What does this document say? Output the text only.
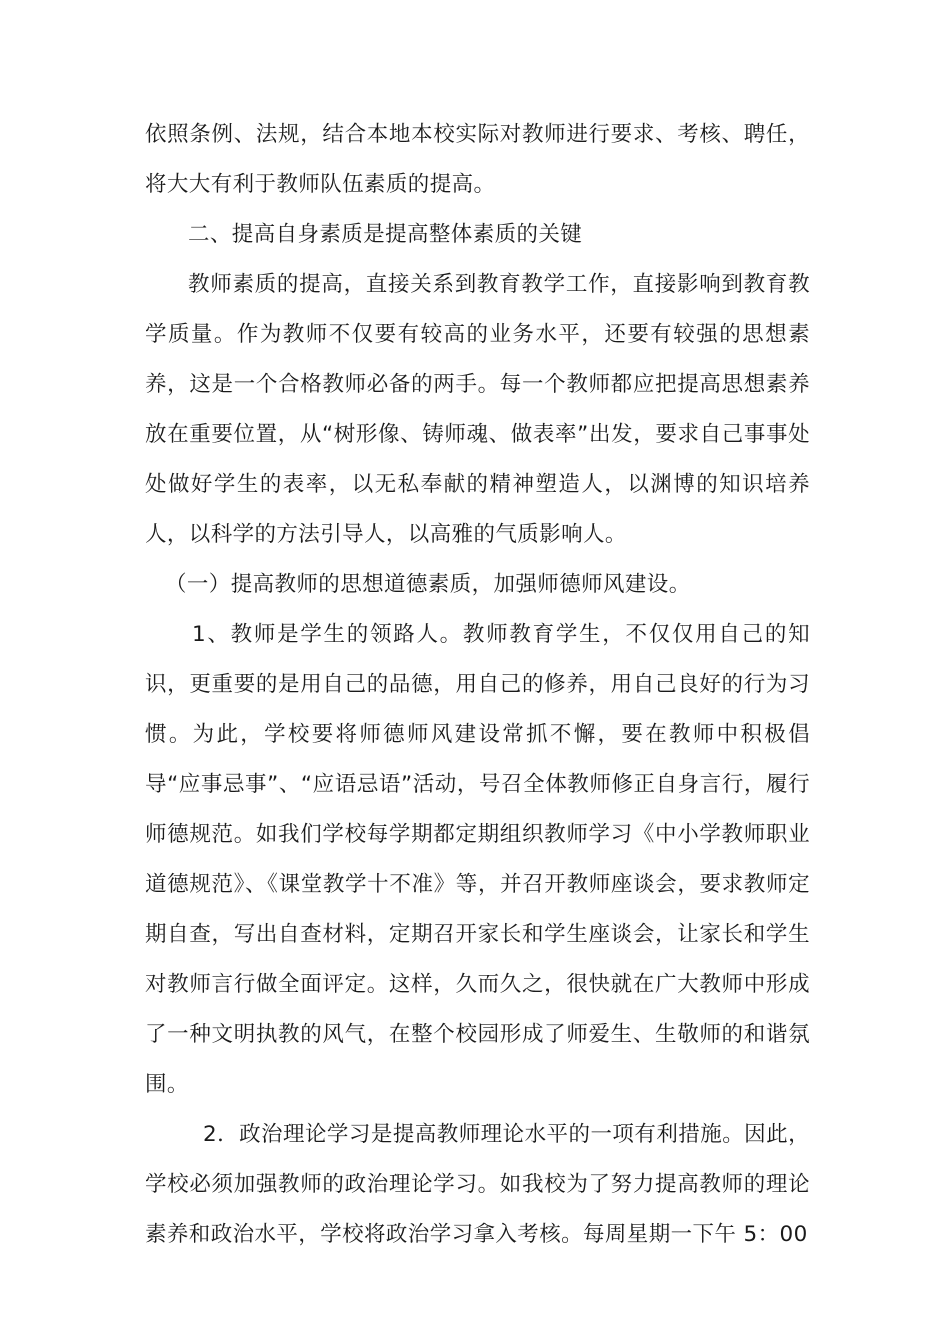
依照条例、法规，结合本地本校实际对教师进行要求、考核、聘任，将大大有利于教师队伍素质的提高。

二、提高自身素质是提高整体素质的关键

教师素质的提高，直接关系到教育教学工作，直接影响到教育教学质量。作为教师不仅要有较高的业务水平，还要有较强的思想素养，这是一个合格教师必备的两手。每一个教师都应把提高思想素养放在重要位置，从“树形像、铸师魂、做表率”出发，要求自己事事处处做好学生的表率，以无私奉献的精神塑造人，以渊博的知识培养人，以科学的方法引导人，以高雅的气质影响人。

（一）提高教师的思想道德素质，加强师德师风建设。

1、教师是学生的领路人。教师教育学生，不仅仅用自己的知识，更重要的是用自己的品德，用自己的修养，用自己良好的行为习惯。为此，学校要将师德师风建设常抓不懈，要在教师中积极倡导“应事忌事”、“应语忌语”活动，号召全体教师修正自身言行，履行师德规范。如我们学校每学期都定期组织教师学习《中小学教师职业道德规范》、《课堂教学十不准》等，并召开教师座谈会，要求教师定期自查，写出自查材料，定期召开家长和学生座谈会，让家长和学生对教师言行做全面评定。这样，久而久之，很快就在广大教师中形成了一种文明执教的风气，在整个校园形成了师爱生、生敬师的和谐氛围。

2．政治理论学习是提高教师理论水平的一项有利措施。因此，学校必须加强教师的政治理论学习。如我校为了努力提高教师的理论素养和政治水平，学校将政治学习拿入考核。每周星期一下午 5：00
